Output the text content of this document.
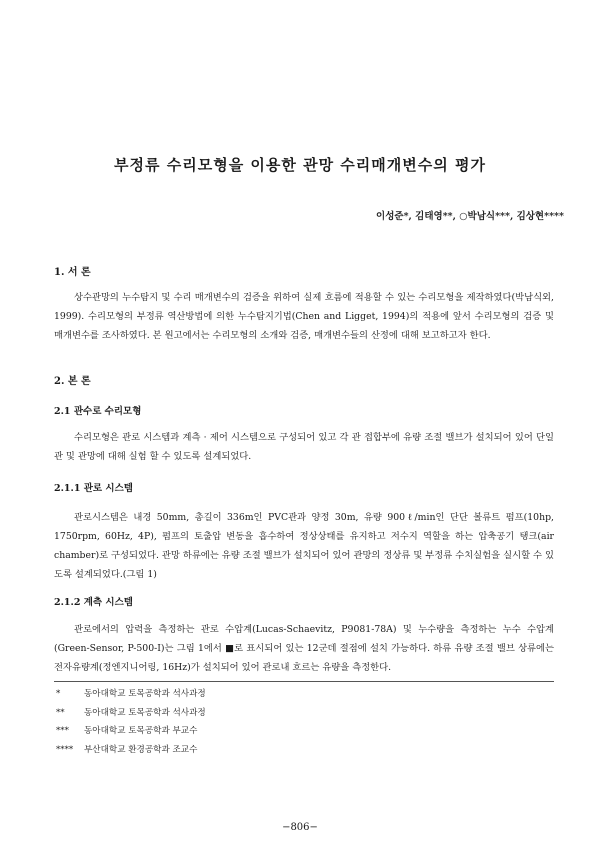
부정류 수리모형을 이용한 관망 수리매개변수의 평가
이성준*, 김태영**, ○박남식***, 김상현****
1. 서 론
상수관망의 누수탐지 및 수리 매개변수의 검증을 위하여 실제 흐름에 적용할 수 있는 수리모형을 제작하였다(박남식외, 1999). 수리모형의 부정류 역산방법에 의한 누수탐지기법(Chen and Ligget, 1994)의 적용에 앞서 수리모형의 검증 및 매개변수를 조사하였다. 본 원고에서는 수리모형의 소개와 검증, 매개변수들의 산정에 대해 보고하고자 한다.
2. 본 론
2.1 관수로 수리모형
수리모형은 관로 시스템과 계측 · 제어 시스템으로 구성되어 있고 각 관 접합부에 유량 조절 밸브가 설치되어 있어 단일관 및 관망에 대해 실험 할 수 있도록 설계되었다.
2.1.1 관로 시스템
관로시스템은 내경 50mm, 총길이 336m인 PVC관과 양정 30m, 유량 900ℓ/min인 단단 볼류트 펌프(10hp, 1750rpm, 60Hz, 4P), 펌프의 토출압 변동을 흡수하여 정상상태를 유지하고 저수지 역할을 하는 압축공기 탱크(air chamber)로 구성되었다. 관망 하류에는 유량 조절 밸브가 설치되어 있어 관망의 정상류 및 부정류 수치실험을 실시할 수 있도록 설계되었다.(그림 1)
2.1.2 계측 시스템
관로에서의 압력을 측정하는 관로 수압계(Lucas-Schaevitz, P9081-78A) 및 누수량을 측정하는 누수 수압계(Green-Sensor, P-500-I)는 그림 1에서 ■로 표시되어 있는 12군데 절점에 설치 가능하다. 하류 유량 조절 밸브 상류에는 전자유량계(정엔지니어링, 16Hz)가 설치되어 있어 관로내 흐르는 유량을 측정한다.
*	동아대학교 토목공학과 석사과정
**	동아대학교 토목공학과 석사과정
***	동아대학교 토목공학과 부교수
****	부산대학교 환경공학과 조교수
−806−
